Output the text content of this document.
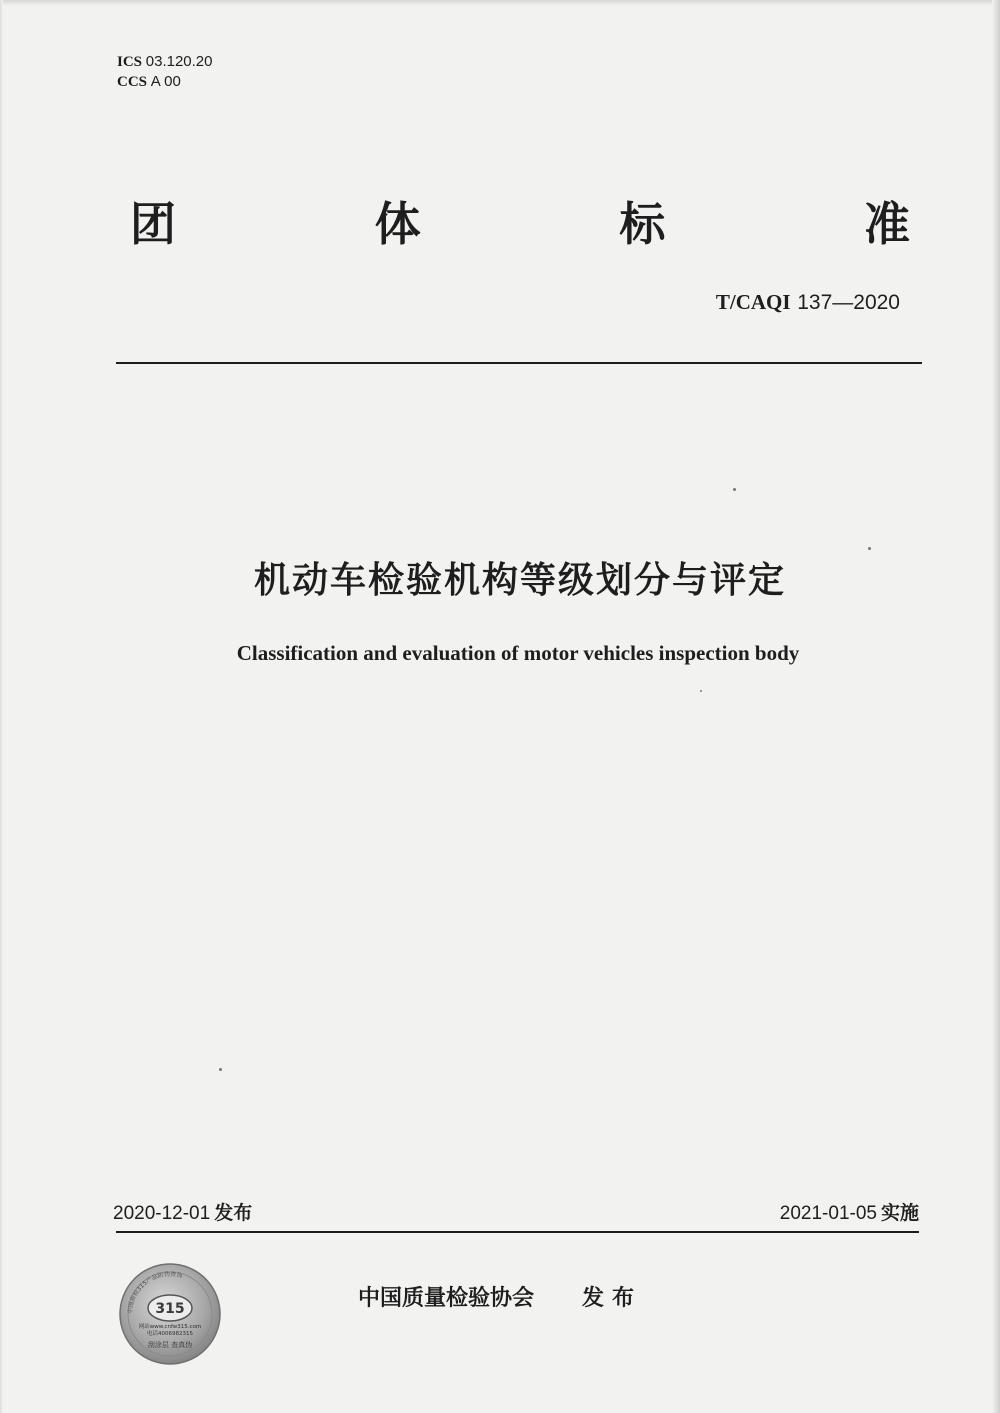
ICS 03.120.20
CCS A 00
团	体	标	准
T/CAQI 137—2020
机动车检验机构等级划分与评定
Classification and evaluation of motor vehicles inspection body
2020-12-01 发布	2021-01-05 实施
中国质检315产品防伪查询
315
网站www.cnfw315.com
电话4006982315
刮涂层 查真伪
中国质量检验协会 发布
